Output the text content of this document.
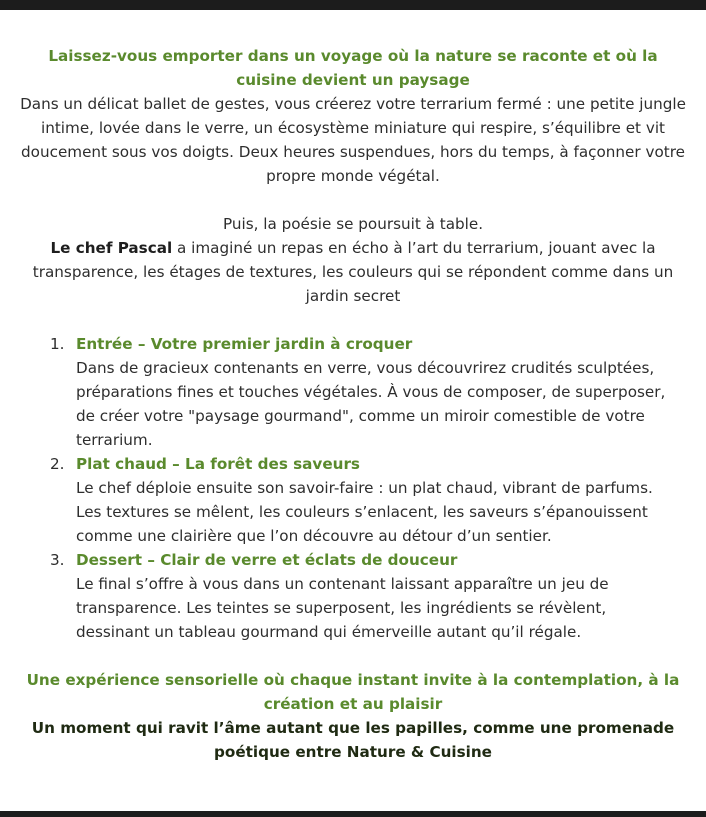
Laissez-vous emporter dans un voyage où la nature se raconte et où la cuisine devient un paysage
Dans un délicat ballet de gestes, vous créerez votre terrarium fermé : une petite jungle intime, lovée dans le verre, un écosystème miniature qui respire, s’équilibre et vit doucement sous vos doigts. Deux heures suspendues, hors du temps, à façonner votre propre monde végétal.
Puis, la poésie se poursuit à table.
Le chef Pascal a imaginé un repas en écho à l’art du terrarium, jouant avec la transparence, les étages de textures, les couleurs qui se répondent comme dans un jardin secret
1. Entrée – Votre premier jardin à croquer
Dans de gracieux contenants en verre, vous découvrirez crudités sculptées, préparations fines et touches végétales. À vous de composer, de superposer, de créer votre "paysage gourmand", comme un miroir comestible de votre terrarium.
2. Plat chaud – La forêt des saveurs
Le chef déploie ensuite son savoir-faire : un plat chaud, vibrant de parfums. Les textures se mêlent, les couleurs s’enlacent, les saveurs s’épanouissent comme une clairière que l’on découvre au détour d’un sentier.
3. Dessert – Clair de verre et éclats de douceur
Le final s’offre à vous dans un contenant laissant apparaître un jeu de transparence. Les teintes se superposent, les ingrédients se révèlent, dessinant un tableau gourmand qui émerveille autant qu’il régale.
Une expérience sensorielle où chaque instant invite à la contemplation, à la création et au plaisir
Un moment qui ravit l’âme autant que les papilles, comme une promenade poétique entre Nature & Cuisine
